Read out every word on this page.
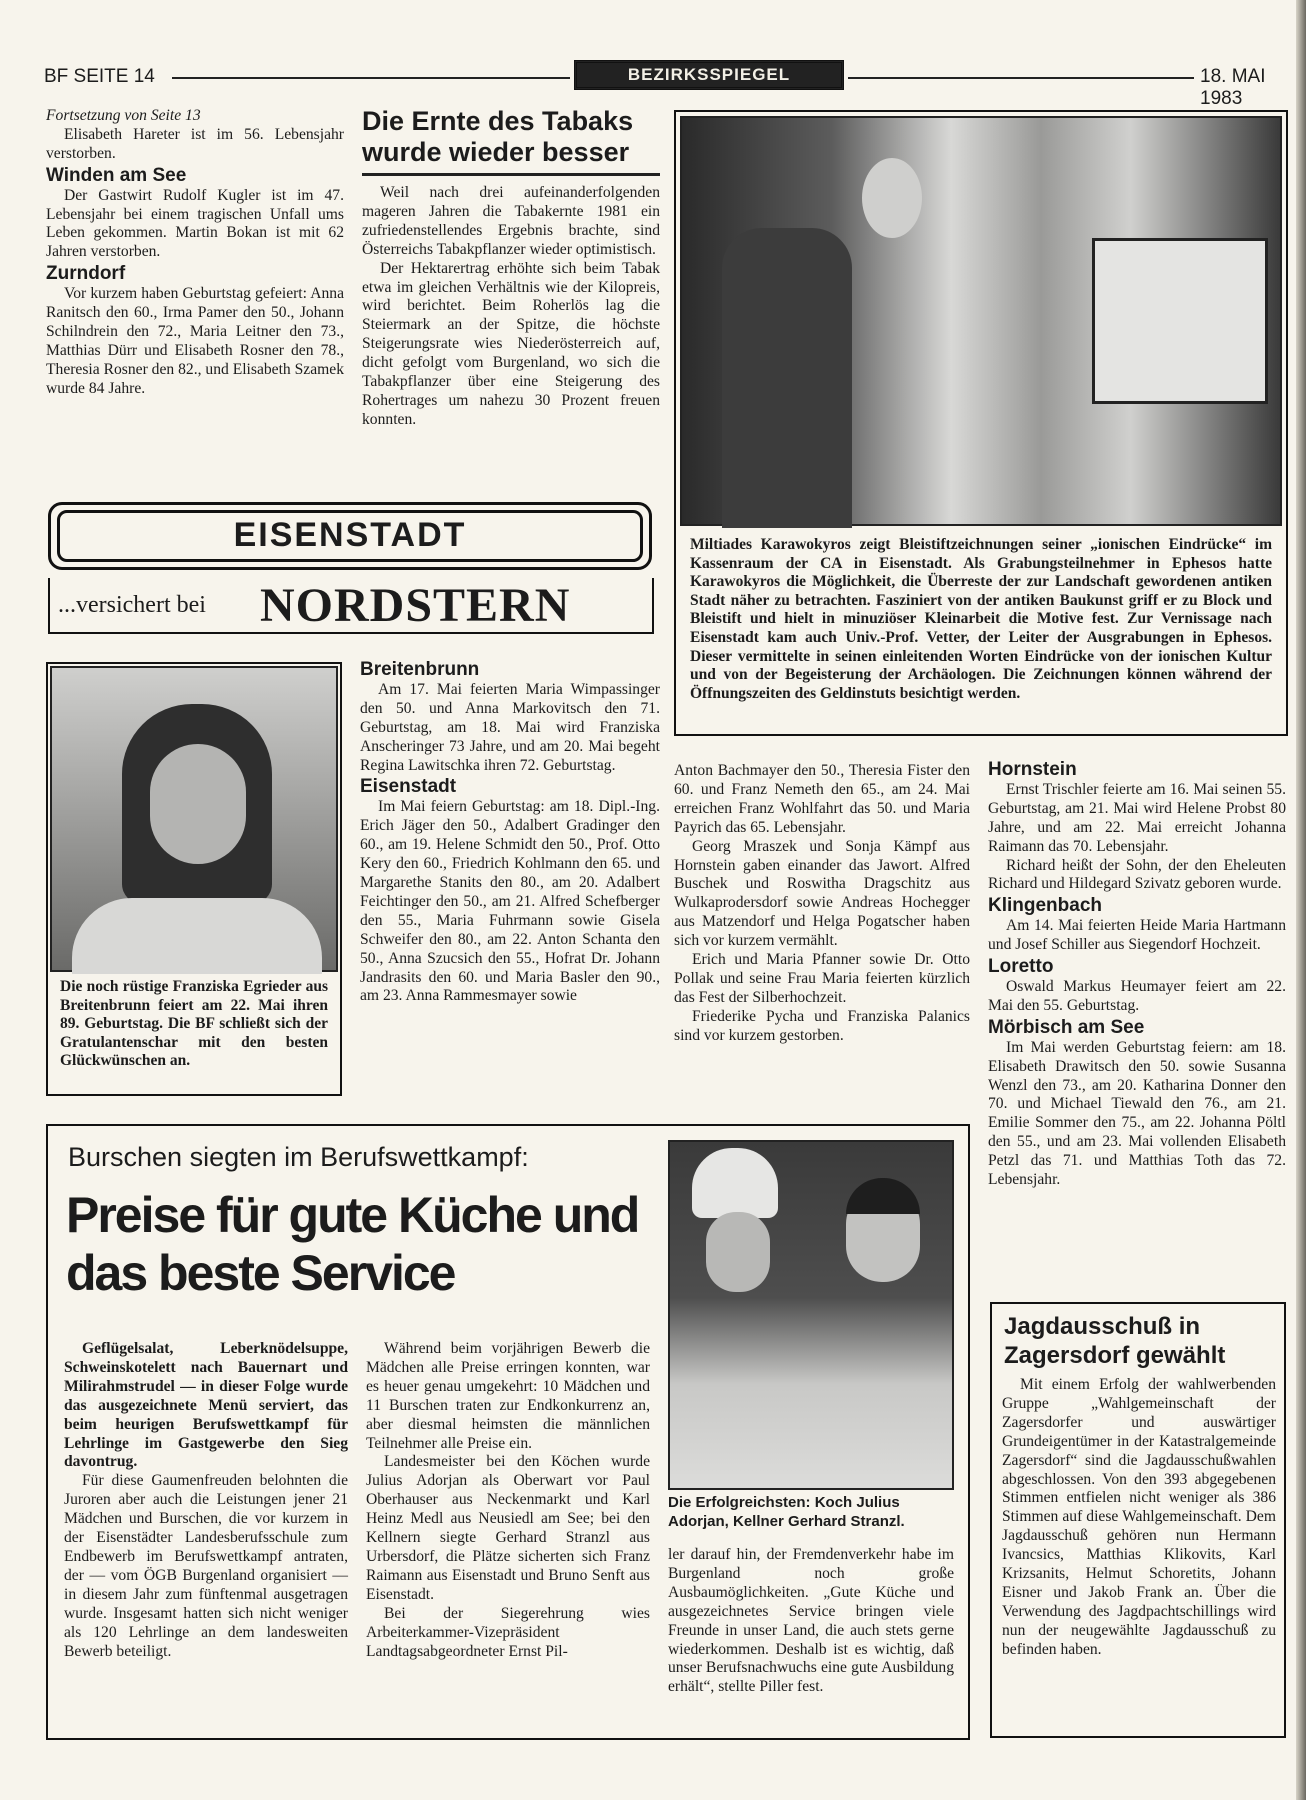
BF SEITE 14	BEZIRKSSPIEGEL	18. MAI 1983
Fortsetzung von Seite 13

Elisabeth Hareter ist im 56. Lebensjahr verstorben.

Winden am See

Der Gastwirt Rudolf Kugler ist im 47. Lebensjahr bei einem tragischen Unfall ums Leben gekommen. Martin Bokan ist mit 62 Jahren verstorben.

Zurndorf

Vor kurzem haben Geburtstag gefeiert: Anna Ranitsch den 60., Irma Pamer den 50., Johann Schilndrein den 72., Maria Leitner den 73., Matthias Dürr und Elisabeth Rosner den 78., Theresia Rosner den 82., und Elisabeth Szamek wurde 84 Jahre.

Die Ernte des Tabaks wurde wieder besser

Weil nach drei aufeinanderfolgenden mageren Jahren die Tabakernte 1981 ein zufriedenstellendes Ergebnis brachte, sind Österreichs Tabakpflanzer wieder optimistisch.

Der Hektarertrag erhöhte sich beim Tabak etwa im gleichen Verhältnis wie der Kilopreis, wird berichtet. Beim Roherlös lag die Steiermark an der Spitze, die höchste Steigerungsrate wies Niederösterreich auf, dicht gefolgt vom Burgenland, wo sich die Tabakpflanzer über eine Steigerung des Rohertrages um nahezu 30 Prozent freuen konnten.

Miltiades Karawokyros zeigt Bleistiftzeichnungen seiner „ionischen Eindrücke“ im Kassenraum der CA in Eisenstadt. Als Grabungsteilnehmer in Ephesos hatte Karawokyros die Möglichkeit, die Überreste der zur Landschaft gewordenen antiken Stadt näher zu betrachten. Fasziniert von der antiken Baukunst griff er zu Block und Bleistift und hielt in minuziöser Kleinarbeit die Motive fest. Zur Vernissage nach Eisenstadt kam auch Univ.-Prof. Vetter, der Leiter der Ausgrabungen in Ephesos. Dieser vermittelte in seinen einleitenden Worten Eindrücke von der ionischen Kultur und von der Begeisterung der Archäologen. Die Zeichnungen können während der Öffnungszeiten des Geldinstuts besichtigt werden.
EISENSTADT
...versichert bei NORDSTERN
Die noch rüstige Franziska Egrieder aus Breitenbrunn feiert am 22. Mai ihren 89. Geburtstag. Die BF schließt sich der Gratulantenschar mit den besten Glückwünschen an.
Breitenbrunn

Am 17. Mai feierten Maria Wimpassinger den 50. und Anna Markovitsch den 71. Geburtstag, am 18. Mai wird Franziska Anscheringer 73 Jahre, und am 20. Mai begeht Regina Lawitschka ihren 72. Geburtstag.

Eisenstadt

Im Mai feiern Geburtstag: am 18. Dipl.-Ing. Erich Jäger den 50., Adalbert Gradinger den 60., am 19. Helene Schmidt den 50., Prof. Otto Kery den 60., Friedrich Kohlmann den 65. und Margarethe Stanits den 80., am 20. Adalbert Feichtinger den 50., am 21. Alfred Schefberger den 55., Maria Fuhrmann sowie Gisela Schweifer den 80., am 22. Anton Schanta den 50., Anna Szucsich den 55., Hofrat Dr. Johann Jandrasits den 60. und Maria Basler den 90., am 23. Anna Rammesmayer sowie

Anton Bachmayer den 50., Theresia Fister den 60. und Franz Nemeth den 65., am 24. Mai erreichen Franz Wohlfahrt das 50. und Maria Payrich das 65. Lebensjahr.

Georg Mraszek und Sonja Kämpf aus Hornstein gaben einander das Jawort. Alfred Buschek und Roswitha Dragschitz aus Wulkaprodersdorf sowie Andreas Hochegger aus Matzendorf und Helga Pogatscher haben sich vor kurzem vermählt.

Erich und Maria Pfanner sowie Dr. Otto Pollak und seine Frau Maria feierten kürzlich das Fest der Silberhochzeit.

Friederike Pycha und Franziska Palanics sind vor kurzem gestorben.

Hornstein

Ernst Trischler feierte am 16. Mai seinen 55. Geburtstag, am 21. Mai wird Helene Probst 80 Jahre, und am 22. Mai erreicht Johanna Raimann das 70. Lebensjahr.

Richard heißt der Sohn, der den Eheleuten Richard und Hildegard Szivatz geboren wurde.

Klingenbach

Am 14. Mai feierten Heide Maria Hartmann und Josef Schiller aus Siegendorf Hochzeit.

Loretto

Oswald Markus Heumayer feiert am 22. Mai den 55. Geburtstag.

Mörbisch am See

Im Mai werden Geburtstag feiern: am 18. Elisabeth Drawitsch den 50. sowie Susanna Wenzl den 73., am 20. Katharina Donner den 70. und Michael Tiewald den 76., am 21. Emilie Sommer den 75., am 22. Johanna Pöltl den 55., und am 23. Mai vollenden Elisabeth Petzl das 71. und Matthias Toth das 72. Lebensjahr.

Burschen siegten im Berufswettkampf:
Preise für gute Küche und das beste Service

Geflügelsalat, Leberknödelsuppe, Schweinskotelett nach Bauernart und Milirahmstrudel — in dieser Folge wurde das ausgezeichnete Menü serviert, das beim heurigen Berufswettkampf für Lehrlinge im Gastgewerbe den Sieg davontrug.

Für diese Gaumenfreuden belohnten die Juroren aber auch die Leistungen jener 21 Mädchen und Burschen, die vor kurzem in der Eisenstädter Landesberufsschule zum Endbewerb im Berufswettkampf antraten, der — vom ÖGB Burgenland organisiert — in diesem Jahr zum fünftenmal ausgetragen wurde. Insgesamt hatten sich nicht weniger als 120 Lehrlinge an dem landesweiten Bewerb beteiligt.

Während beim vorjährigen Bewerb die Mädchen alle Preise erringen konnten, war es heuer genau umgekehrt: 10 Mädchen und 11 Burschen traten zur Endkonkurrenz an, aber diesmal heimsten die männlichen Teilnehmer alle Preise ein.

Landesmeister bei den Köchen wurde Julius Adorjan als Oberwart vor Paul Oberhauser aus Neckenmarkt und Karl Heinz Medl aus Neusiedl am See; bei den Kellnern siegte Gerhard Stranzl aus Urbersdorf, die Plätze sicherten sich Franz Raimann aus Eisenstadt und Bruno Senft aus Eisenstadt.

Bei der Siegerehrung wies Arbeiterkammer-Vizepräsident Landtagsabgeordneter Ernst Pil-

Die Erfolgreichsten: Koch Julius Adorjan, Kellner Gerhard Stranzl.

ler darauf hin, der Fremdenverkehr habe im Burgenland noch große Ausbaumöglichkeiten. „Gute Küche und ausgezeichnetes Service bringen viele Freunde in unser Land, die auch stets gerne wiederkommen. Deshalb ist es wichtig, daß unser Berufsnachwuchs eine gute Ausbildung erhält“, stellte Piller fest.

Jagdausschuß in Zagersdorf gewählt

Mit einem Erfolg der wahlwerbenden Gruppe „Wahlgemeinschaft der Zagersdorfer und auswärtiger Grundeigentümer in der Katastralgemeinde Zagersdorf“ sind die Jagdausschußwahlen abgeschlossen. Von den 393 abgegebenen Stimmen entfielen nicht weniger als 386 Stimmen auf diese Wahlgemeinschaft. Dem Jagdausschuß gehören nun Hermann Ivancsics, Matthias Klikovits, Karl Krizsanits, Helmut Schoretits, Johann Eisner und Jakob Frank an. Über die Verwendung des Jagdpachtschillings wird nun der neugewählte Jagdausschuß zu befinden haben.
